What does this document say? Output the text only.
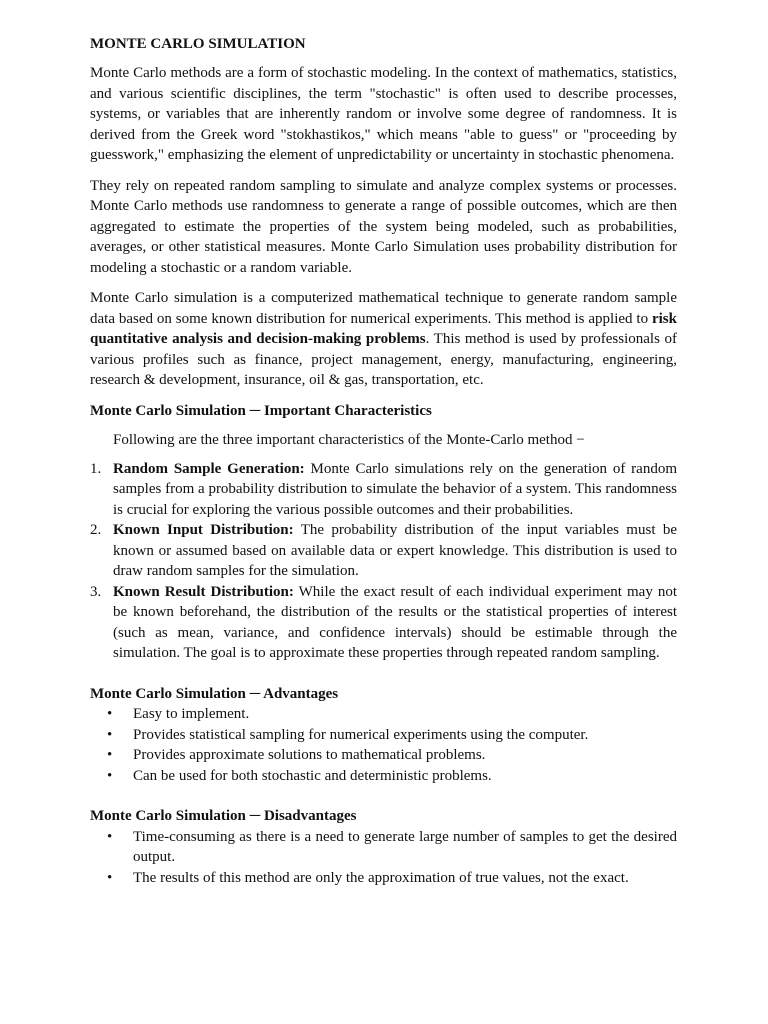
MONTE CARLO SIMULATION

Monte Carlo methods are a form of stochastic modeling. In the context of mathematics, statistics, and various scientific disciplines, the term "stochastic" is often used to describe processes, systems, or variables that are inherently random or involve some degree of randomness. It is derived from the Greek word "stokhastikos," which means "able to guess" or "proceeding by guesswork," emphasizing the element of unpredictability or uncertainty in stochastic phenomena.

They rely on repeated random sampling to simulate and analyze complex systems or processes. Monte Carlo methods use randomness to generate a range of possible outcomes, which are then aggregated to estimate the properties of the system being modeled, such as probabilities, averages, or other statistical measures. Monte Carlo Simulation uses probability distribution for modeling a stochastic or a random variable.

Monte Carlo simulation is a computerized mathematical technique to generate random sample data based on some known distribution for numerical experiments. This method is applied to risk quantitative analysis and decision-making problems. This method is used by professionals of various profiles such as finance, project management, energy, manufacturing, engineering, research & development, insurance, oil & gas, transportation, etc.

Monte Carlo Simulation ─ Important Characteristics
Following are the three important characteristics of the Monte-Carlo method −
1. Random Sample Generation: Monte Carlo simulations rely on the generation of random samples from a probability distribution to simulate the behavior of a system. This randomness is crucial for exploring the various possible outcomes and their probabilities.
2. Known Input Distribution: The probability distribution of the input variables must be known or assumed based on available data or expert knowledge. This distribution is used to draw random samples for the simulation.
3. Known Result Distribution: While the exact result of each individual experiment may not be known beforehand, the distribution of the results or the statistical properties of interest (such as mean, variance, and confidence intervals) should be estimable through the simulation. The goal is to approximate these properties through repeated random sampling.
Monte Carlo Simulation ─ Advantages
• Easy to implement.
• Provides statistical sampling for numerical experiments using the computer.
• Provides approximate solutions to mathematical problems.
• Can be used for both stochastic and deterministic problems.
Monte Carlo Simulation ─ Disadvantages
• Time-consuming as there is a need to generate large number of samples to get the desired output.
• The results of this method are only the approximation of true values, not the exact.
